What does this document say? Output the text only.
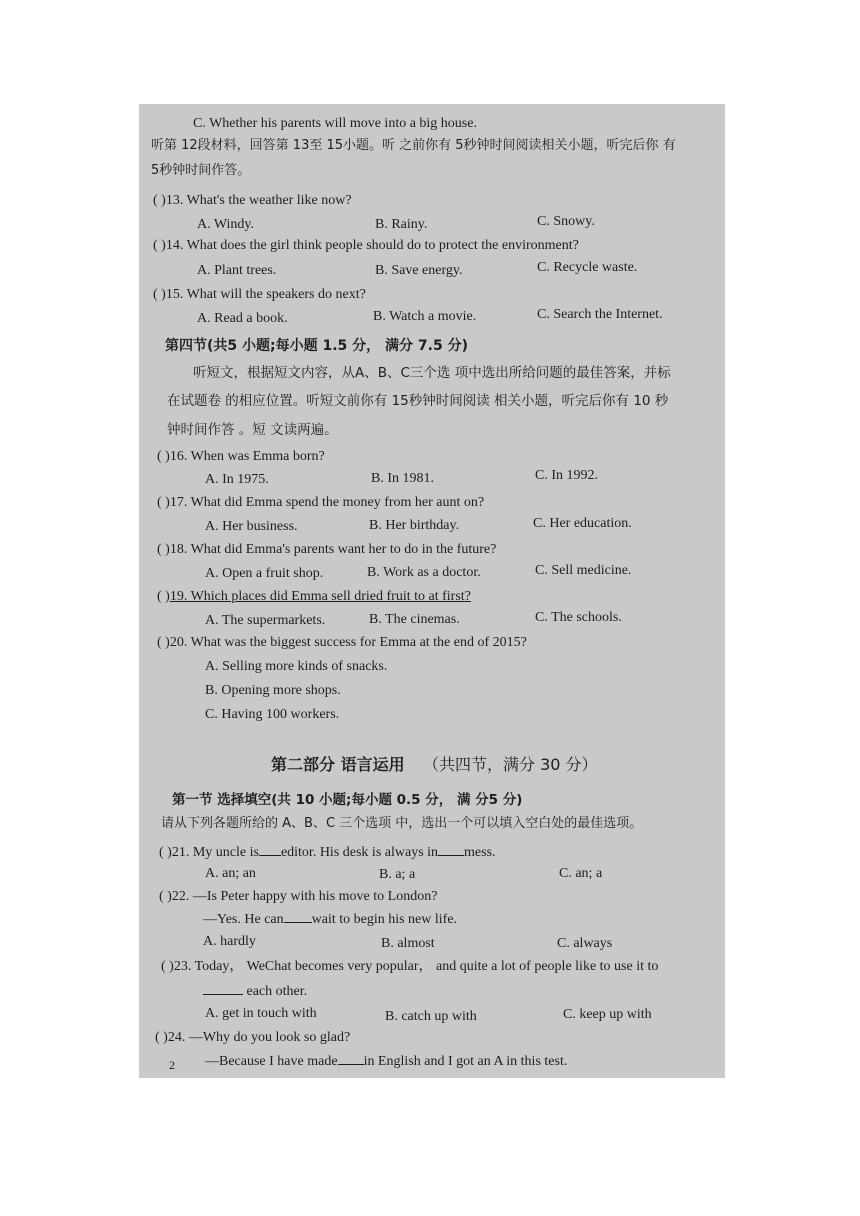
C. Whether his parents will move into a big house.
听第 12段材料，回答第 13至 15小题。听 之前你有 5秒钟时间阅读相关小题，听完后你 有
5秒钟时间作答。
( )13. What's the weather like now?
A. Windy.	B. Rainy.	C. Snowy.
( )14. What does the girl think people should do to protect the environment?
A. Plant trees.	B. Save energy.	C. Recycle waste.
( )15. What will the speakers do next?
A. Read a book.	B. Watch a movie.	C. Search the Internet.
第四节(共5 小题;每小题 1.5 分， 满分 7.5 分)
听短文，根据短文内容，从A、B、C三个选 项中选出所给问题的最佳答案，并标
在试题卷 的相应位置。听短文前你有 15秒钟时间阅读 相关小题，听完后你有 10 秒
钟时间作答 。短 文读两遍。
( )16. When was Emma born?
A. In 1975.	B. In 1981.	C. In 1992.
( )17. What did Emma spend the money from her aunt on?
A. Her business.	B. Her birthday.	C. Her education.
( )18. What did Emma's parents want her to do in the future?
A. Open a fruit shop.	B. Work as a doctor.	C. Sell medicine.
( )19. Which places did Emma sell dried fruit to at first?
A. The supermarkets.	B. The cinemas.	C. The schools.
( )20. What was the biggest success for Emma at the end of 2015?
A. Selling more kinds of snacks.
B. Opening more shops.
C. Having 100 workers.
第二部分 语言运用 （共四节，满分 30 分）
第一节 选择填空(共 10 小题;每小题 0.5 分， 满 分5 分)
请从下列各题所给的 A、B、C 三个选项 中，选出一个可以填入空白处的最佳选项。
( )21. My uncle is editor. His desk is always in mess.
A. an; an	B. a; a	C. an; a
( )22. —Is Peter happy with his move to London?
—Yes. He can wait to begin his new life.
A. hardly	B. almost	C. always
( )23. Today， WeChat becomes very popular， and quite a lot of people like to use it to
each other.
A. get in touch with	B. catch up with	C. keep up with
( )24. —Why do you look so glad?
—Because I have made in English and I got an A in this test.
2
